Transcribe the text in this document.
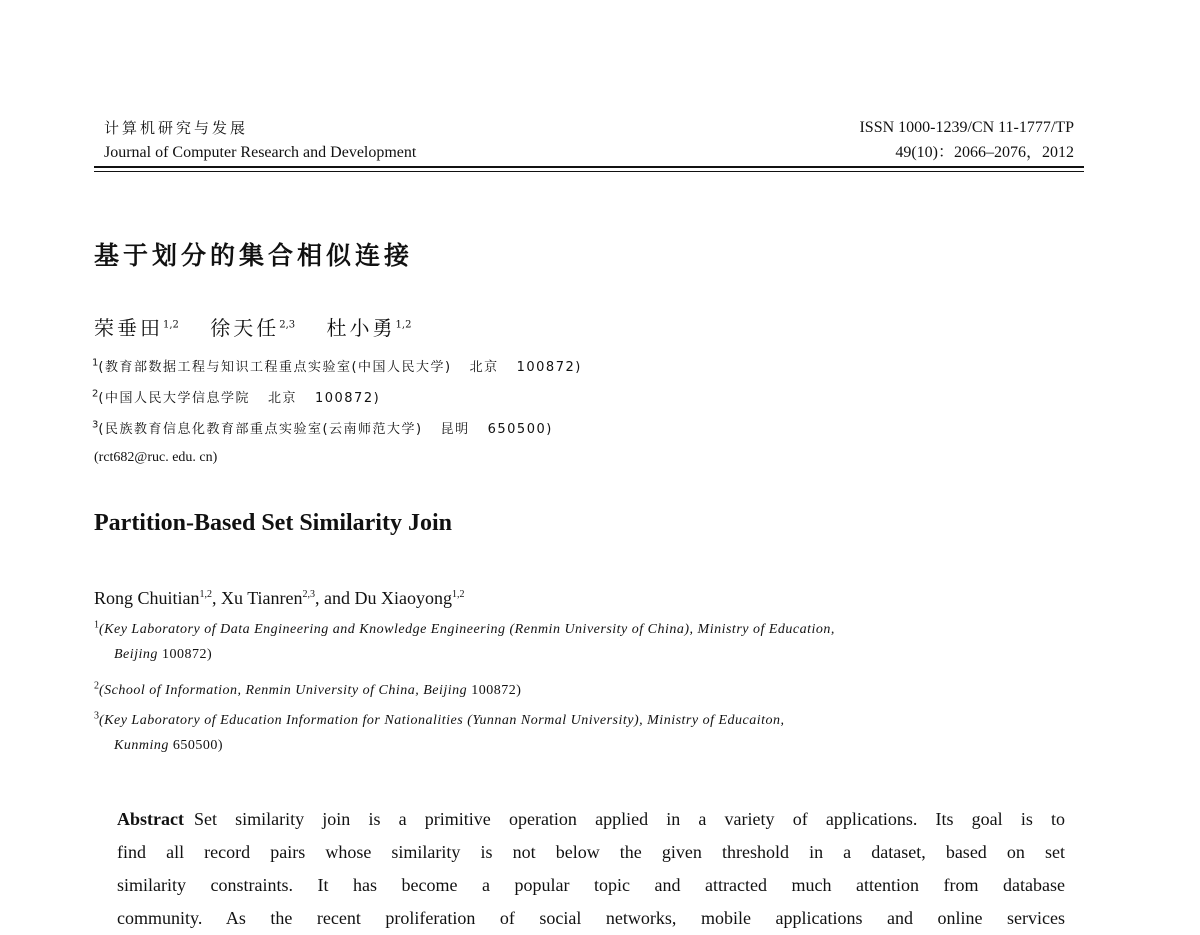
计算机研究与发展
Journal of Computer Research and Development
ISSN 1000-1239/CN 11-1777/TP
49(10)：2066–2076，2012
基于划分的集合相似连接
荣垂田$^{1,2}$ 徐天任$^{2,3}$ 杜小勇$^{1,2}$
$^1$(教育部数据工程与知识工程重点实验室(中国人民大学) 北京 100872)
$^2$(中国人民大学信息学院 北京 100872)
$^3$(民族教育信息化教育部重点实验室(云南师范大学) 昆明 650500)
(rct682@ruc. edu. cn)
Partition-Based Set Similarity Join
Rong Chuitian$^{1,2}$, Xu Tianren$^{2,3}$, and Du Xiaoyong$^{1,2}$
$^1$(Key Laboratory of Data Engineering and Knowledge Engineering (Renmin University of China), Ministry of Education,
Beijing 100872)
$^2$(School of Information, Renmin University of China, Beijing 100872)
$^3$(Key Laboratory of Education Information for Nationalities (Yunnan Normal University), Ministry of Educaiton,
Kunming 650500)
Abstract Set similarity join is a primitive operation applied in a variety of applications. Its goal is to
find all record pairs whose similarity is not below the given threshold in a dataset, based on set
similarity constraints. It has become a popular topic and attracted much attention from database
community. As the recent proliferation of social networks, mobile applications and online services
